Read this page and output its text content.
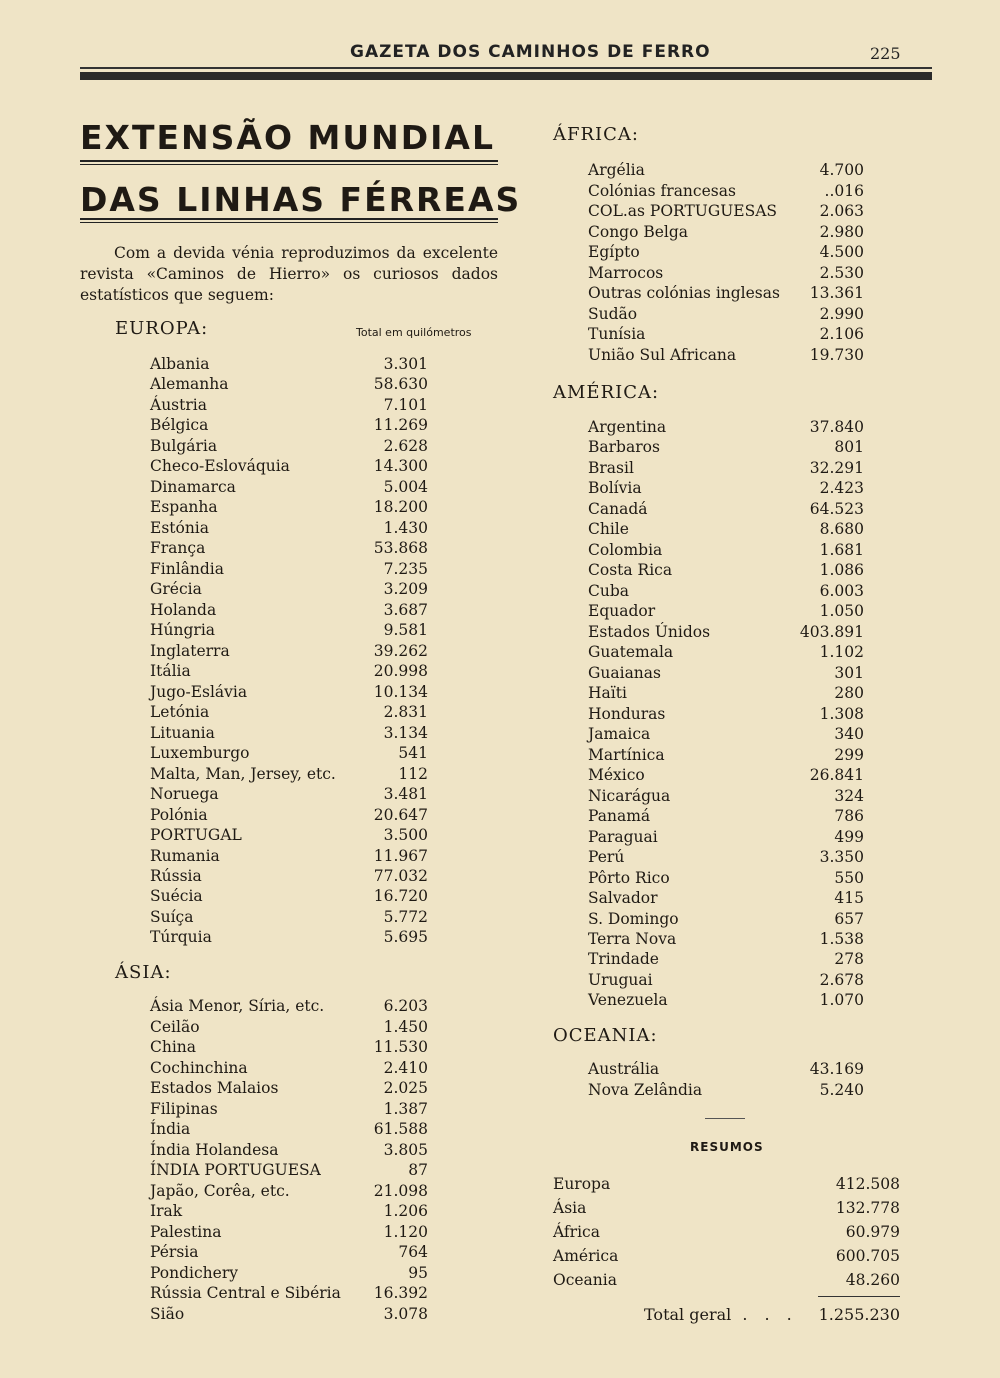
GAZETA DOS CAMINHOS DE FERRO	225
EXTENSÃO MUNDIAL
DAS LINHAS FÉRREAS
Com a devida vénia reproduzimos da excelente revista «Caminos de Hierro» os curiosos dados estatísticos que seguem:
EUROPA:	Total em quilómetros
Albania	3.301
Alemanha	58.630
Áustria	7.101
Bélgica	11.269
Bulgária	2.628
Checo-Eslováquia	14.300
Dinamarca	5.004
Espanha	18.200
Estónia	1.430
França	53.868
Finlândia	7.235
Grécia	3.209
Holanda	3.687
Húngria	9.581
Inglaterra	39.262
Itália	20.998
Jugo-Eslávia	10.134
Letónia	2.831
Lituania	3.134
Luxemburgo	541
Malta, Man, Jersey, etc.	112
Noruega	3.481
Polónia	20.647
PORTUGAL	3.500
Rumania	11.967
Rússia	77.032
Suécia	16.720
Suíça	5.772
Túrquia	5.695
ÁSIA:
Ásia Menor, Síria, etc.	6.203
Ceilão	1.450
China	11.530
Cochinchina	2.410
Estados Malaios	2.025
Filipinas	1.387
Índia	61.588
Índia Holandesa	3.805
ÍNDIA PORTUGUESA	87
Japão, Corêa, etc.	21.098
Irak	1.206
Palestina	1.120
Pérsia	764
Pondichery	95
Rússia Central e Sibéria 16.392
Sião	3.078
ÁFRICA:
Argélia	4.700
Colónias francesas	..016
COL.as PORTUGUESAS	2.063
Congo Belga	2.980
Egípto	4.500
Marrocos	2.530
Outras colónias inglesas 13.361
Sudão	2.990
Tunísia	2.106
União Sul Africana	19.730
AMÉRICA:
Argentina	37.840
Barbaros	801
Brasil	32.291
Bolívia	2.423
Canadá	64.523
Chile	8.680
Colombia	1.681
Costa Rica	1.086
Cuba	6.003
Equador	1.050
Estados Únidos	403.891
Guatemala	1.102
Guaianas	301
Haïti	280
Honduras	1.308
Jamaica	340
Martínica	299
México	26.841
Nicarágua	324
Panamá	786
Paraguai	499
Perú	3.350
Pôrto Rico	550
Salvador	415
S. Domingo	657
Terra Nova	1.538
Trindade	278
Uruguai	2.678
Venezuela	1.070
OCEANIA:
Austrália	43.169
Nova Zelândia	5.240
RESUMOS
Europa	412.508
Ásia	132.778
África	60.979
América	600.705
Oceania	48.260
Total geral . . . 1.255.230
